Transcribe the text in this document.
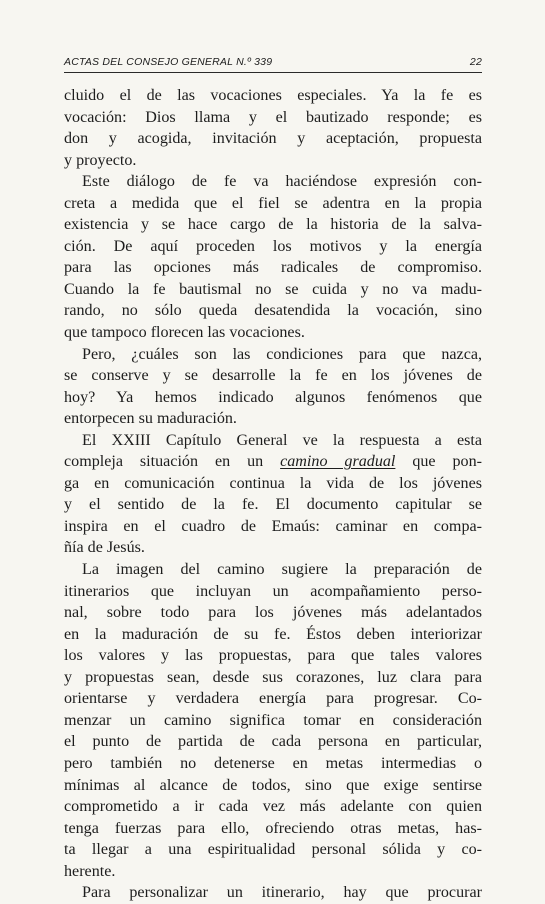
ACTAS DEL CONSEJO GENERAL N.º 339	22
cluido el de las vocaciones especiales. Ya la fe es
vocación: Dios llama y el bautizado responde; es
don y acogida, invitación y aceptación, propuesta
y proyecto.
Este diálogo de fe va haciéndose expresión con-
creta a medida que el fiel se adentra en la propia
existencia y se hace cargo de la historia de la salva-
ción. De aquí proceden los motivos y la energía
para las opciones más radicales de compromiso.
Cuando la fe bautismal no se cuida y no va madu-
rando, no sólo queda desatendida la vocación, sino
que tampoco florecen las vocaciones.
Pero, ¿cuáles son las condiciones para que nazca,
se conserve y se desarrolle la fe en los jóvenes de
hoy? Ya hemos indicado algunos fenómenos que
entorpecen su maduración.
El XXIII Capítulo General ve la respuesta a esta
compleja situación en un camino gradual que pon-
ga en comunicación continua la vida de los jóvenes
y el sentido de la fe. El documento capitular se
inspira en el cuadro de Emaús: caminar en compa-
ñía de Jesús.
La imagen del camino sugiere la preparación de
itinerarios que incluyan un acompañamiento perso-
nal, sobre todo para los jóvenes más adelantados
en la maduración de su fe. Éstos deben interiorizar
los valores y las propuestas, para que tales valores
y propuestas sean, desde sus corazones, luz clara para
orientarse y verdadera energía para progresar. Co-
menzar un camino significa tomar en consideración
el punto de partida de cada persona en particular,
pero también no detenerse en metas intermedias o
mínimas al alcance de todos, sino que exige sentirse
comprometido a ir cada vez más adelante con quien
tenga fuerzas para ello, ofreciendo otras metas, has-
ta llegar a una espiritualidad personal sólida y co-
herente.
Para personalizar un itinerario, hay que procurar
